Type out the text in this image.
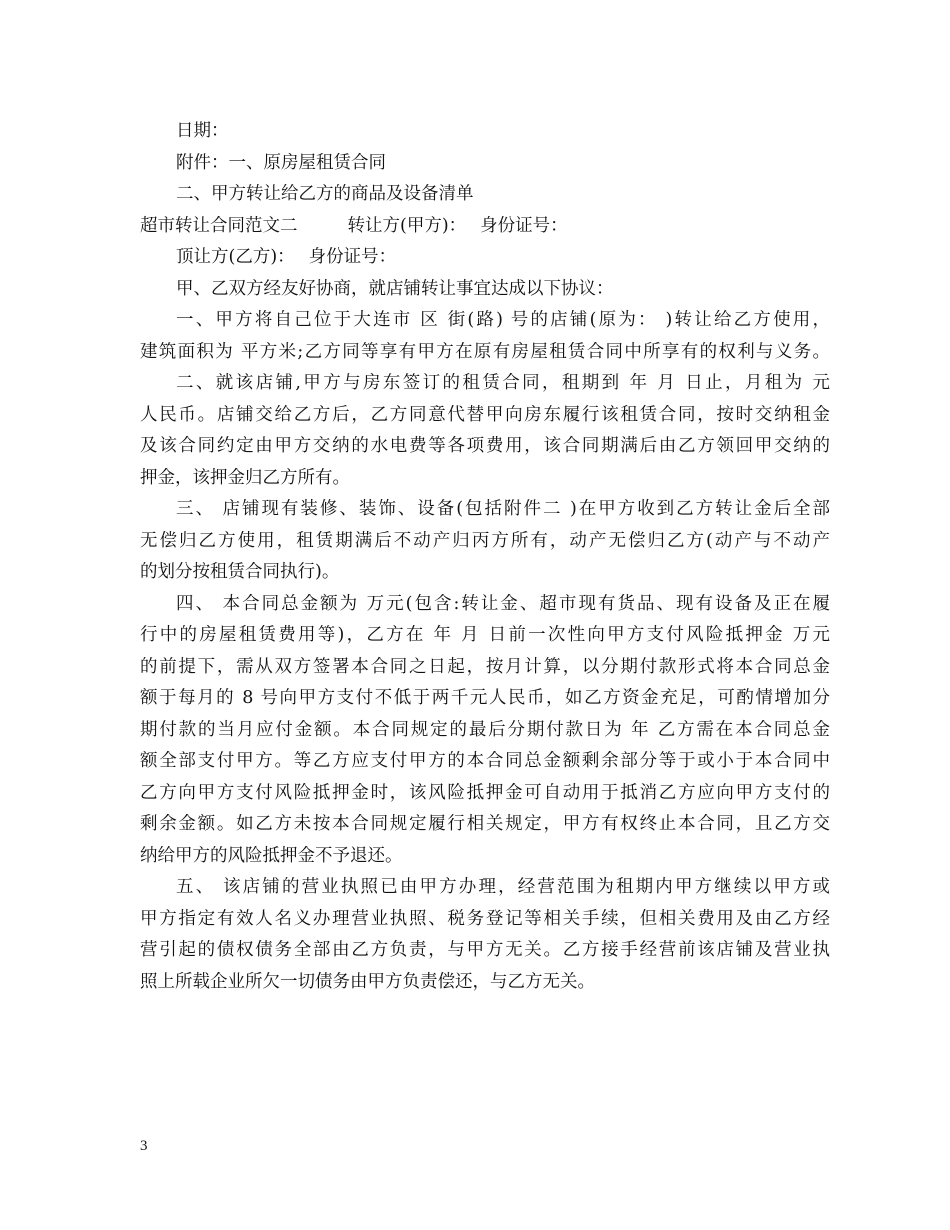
日期：
附件：一、原房屋租赁合同
二、甲方转让给乙方的商品及设备清单
超市转让合同范文二	转让方(甲方)： 身份证号：
顶让方(乙方)： 身份证号：
甲、乙双方经友好协商，就店铺转让事宜达成以下协议：
一、甲方将自己位于大连市 区 街(路) 号的店铺(原为： )转让给乙方使用，
建筑面积为 平方米;乙方同等享有甲方在原有房屋租赁合同中所享有的权利与义务。
二、就该店铺,甲方与房东签订的租赁合同，租期到 年 月 日止，月租为 元
人民币。店铺交给乙方后，乙方同意代替甲向房东履行该租赁合同，按时交纳租金
及该合同约定由甲方交纳的水电费等各项费用，该合同期满后由乙方领回甲交纳的
押金，该押金归乙方所有。
三、 店铺现有装修、装饰、设备(包括附件二 )在甲方收到乙方转让金后全部
无偿归乙方使用，租赁期满后不动产归丙方所有，动产无偿归乙方(动产与不动产
的划分按租赁合同执行)。
四、 本合同总金额为 万元(包含:转让金、超市现有货品、现有设备及正在履
行中的房屋租赁费用等)，乙方在 年 月 日前一次性向甲方支付风险抵押金 万元
的前提下，需从双方签署本合同之日起，按月计算，以分期付款形式将本合同总金
额于每月的 8 号向甲方支付不低于两千元人民币，如乙方资金充足，可酌情增加分
期付款的当月应付金额。本合同规定的最后分期付款日为 年 乙方需在本合同总金
额全部支付甲方。等乙方应支付甲方的本合同总金额剩余部分等于或小于本合同中
乙方向甲方支付风险抵押金时，该风险抵押金可自动用于抵消乙方应向甲方支付的
剩余金额。如乙方未按本合同规定履行相关规定，甲方有权终止本合同，且乙方交
纳给甲方的风险抵押金不予退还。
五、 该店铺的营业执照已由甲方办理，经营范围为租期内甲方继续以甲方或
甲方指定有效人名义办理营业执照、税务登记等相关手续，但相关费用及由乙方经
营引起的债权债务全部由乙方负责，与甲方无关。乙方接手经营前该店铺及营业执
照上所载企业所欠一切债务由甲方负责偿还，与乙方无关。
3
